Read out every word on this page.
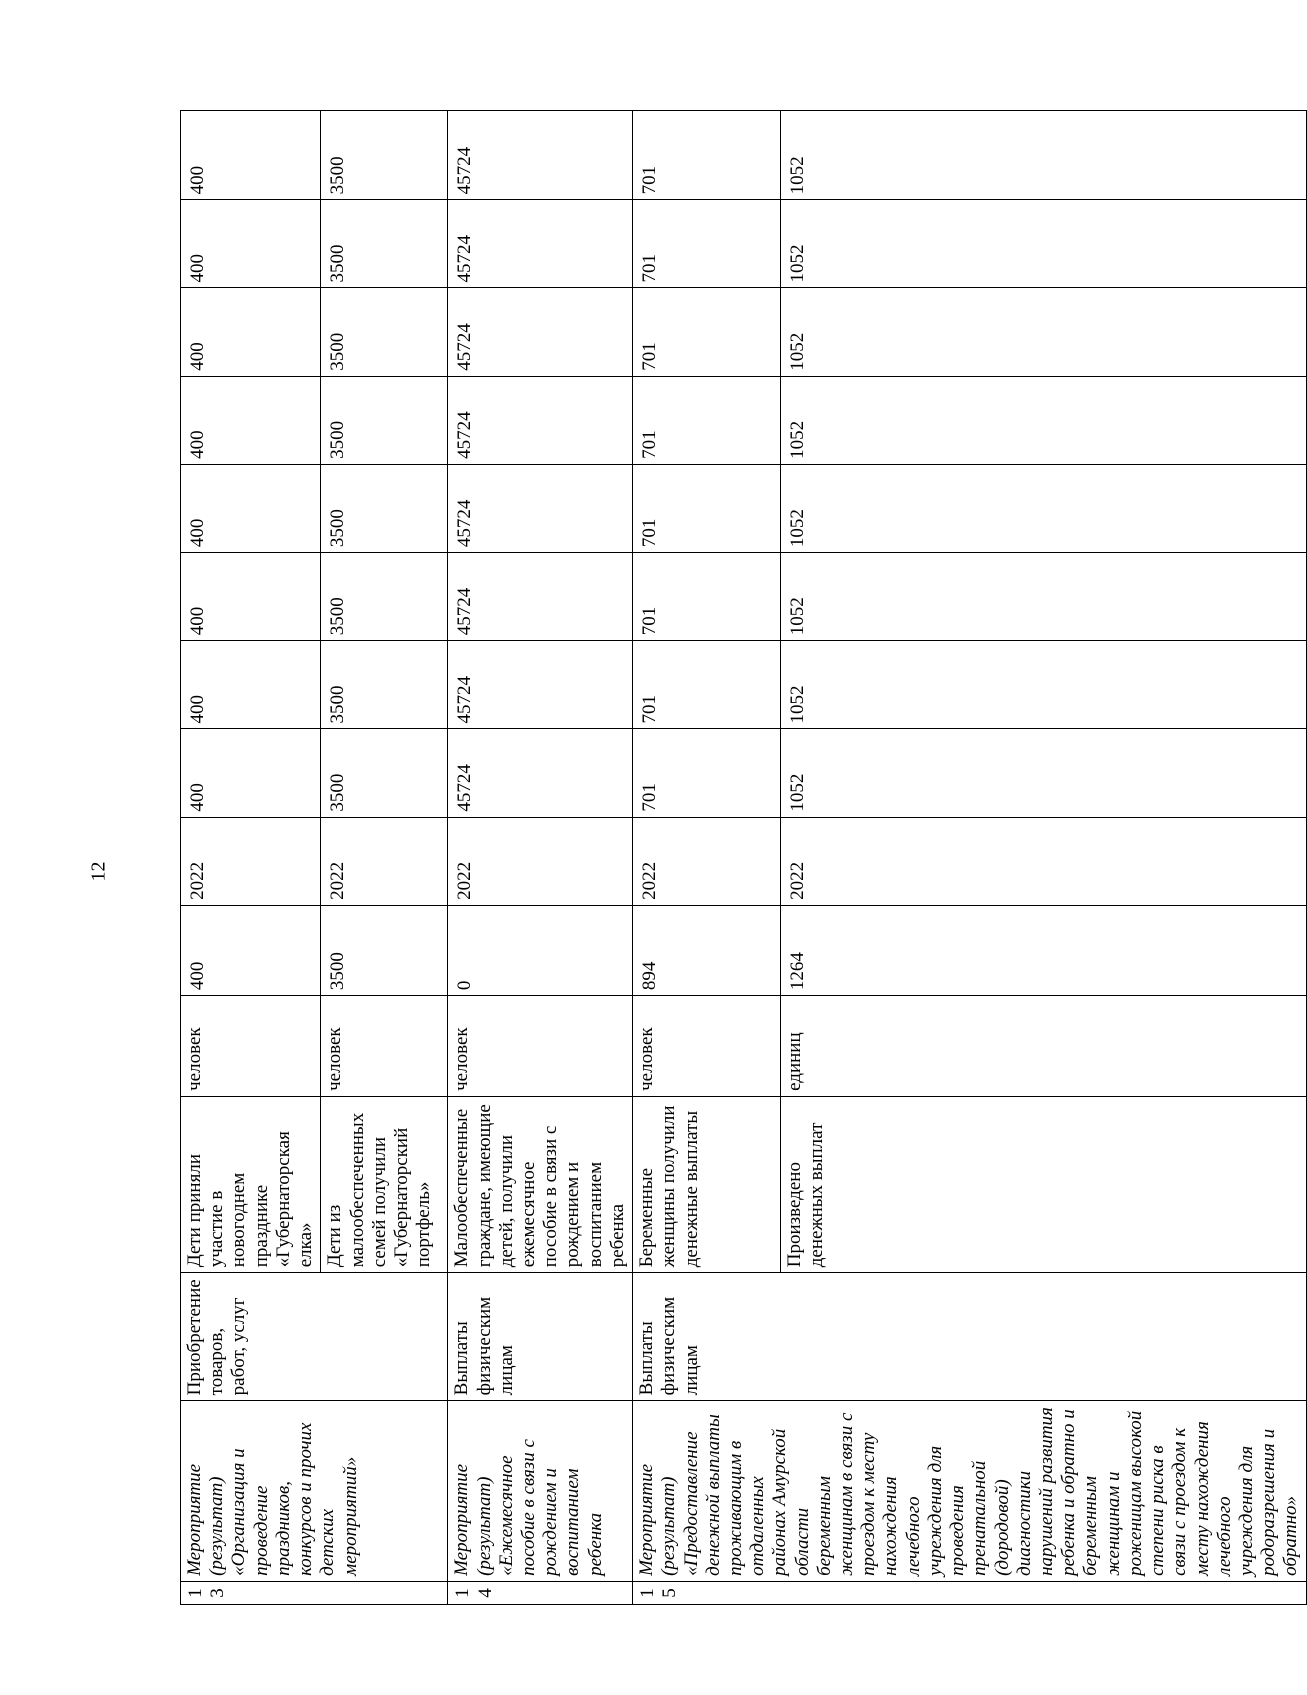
12
13	Мероприятие (результат) «Организация и проведение праздников, конкурсов и прочих детских мероприятий»	Приобретение товаров, работ, услуг	Дети приняли участие в новогоднем празднике «Губернаторская елка»	человек	400	2022	400	400	400	400	400	400	400	400
			Дети из малообеспеченных семей получили «Губернаторский портфель»	человек	3500	2022	3500	3500	3500	3500	3500	3500	3500	3500
14	Мероприятие (результат) «Ежемесячное пособие в связи с рождением и воспитанием ребенка	Выплаты физическим лицам	Малообеспеченные граждане, имеющие детей, получили ежемесячное пособие в связи с рождением и воспитанием ребенка	человек	0	2022	45724	45724	45724	45724	45724	45724	45724	45724
15	Мероприятие (результат) «Предоставление денежной выплаты проживающим в отдаленных районах Амурской области беременным женщинам в связи с проездом к месту нахождения лечебного учреждения для проведения пренатальной (дородовой) диагностики нарушений развития ребенка и обратно и беременным женщинам и роженицам высокой степени риска в связи с проездом к месту нахождения лечебного учреждения для родоразрешения и обратно»	Выплаты физическим лицам	Беременные женщины получили денежные выплаты	человек	894	2022	701	701	701	701	701	701	701	701
			Произведено денежных выплат	единиц	1264	2022	1052	1052	1052	1052	1052	1052	1052	1052
